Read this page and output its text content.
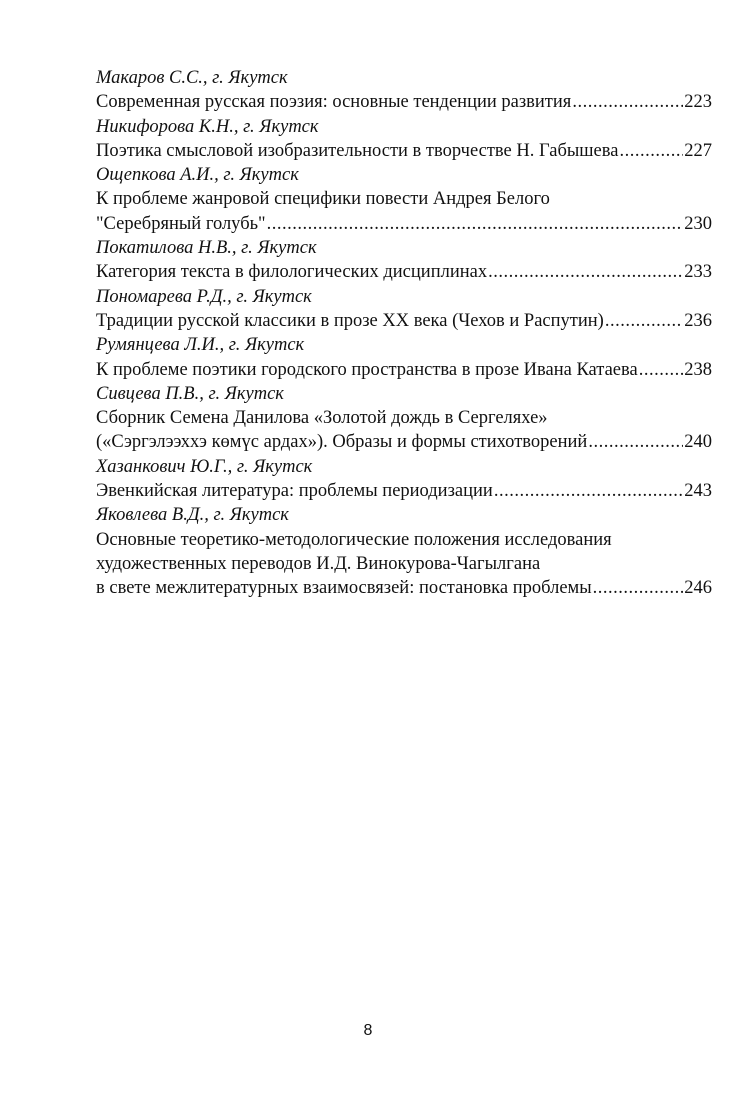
Макаров С.С., г. Якутск
Современная русская поэзия: основные тенденции развития .....	223
Никифорова К.Н., г. Якутск
Поэтика смысловой изобразительности в творчестве Н. Габышева .....	227
Ощепкова А.И., г. Якутск
К проблеме жанровой специфики повести Андрея Белого
"Серебряный голубь" .....	230
Покатилова Н.В., г. Якутск
Категория текста в филологических дисциплинах .....	233
Пономарева Р.Д., г. Якутск
Традиции русской классики в прозе XX века (Чехов и Распутин) .....	236
Румянцева Л.И., г. Якутск
К проблеме поэтики городского пространства в прозе Ивана Катаева .....	238
Сивцева П.В., г. Якутск
Сборник Семена Данилова «Золотой дождь в Сергеляхе»
(«Сэргэлээххэ көмүс ардах»). Образы и формы стихотворений .....	240
Хазанкович Ю.Г., г. Якутск
Эвенкийская литература: проблемы периодизации .....	243
Яковлева В.Д., г. Якутск
Основные теоретико-методологические положения исследования
художественных переводов И.Д. Винокурова-Чагылгана
в свете межлитературных взаимосвязей: постановка проблемы .....	246
8
